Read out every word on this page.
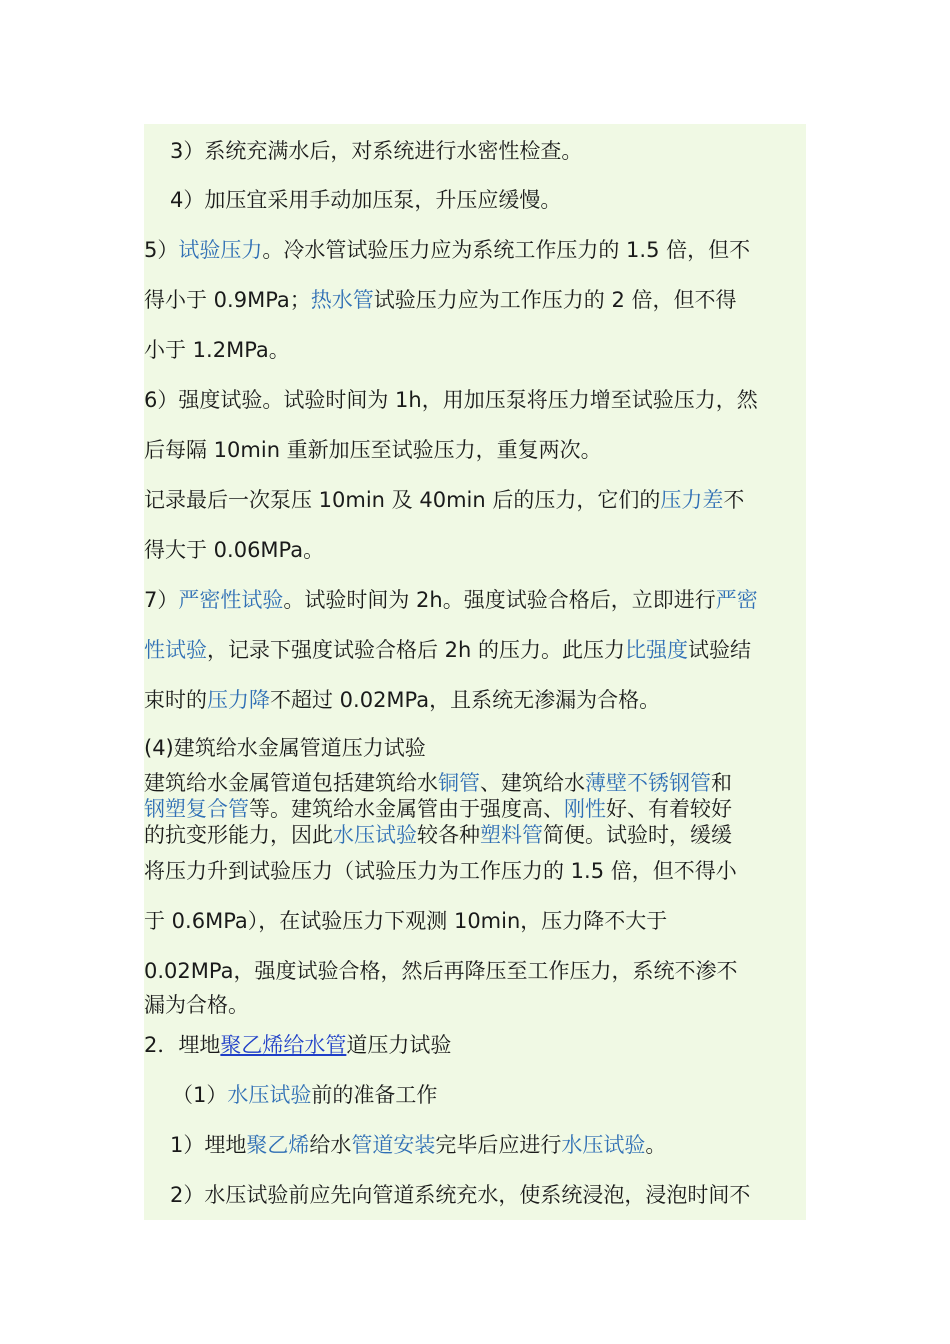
3）系统充满水后，对系统进行水密性检查。
4）加压宜采用手动加压泵，升压应缓慢。
5）试验压力。冷水管试验压力应为系统工作压力的 1.5 倍，但不
得小于 0.9MPa；热水管试验压力应为工作压力的 2 倍，但不得
小于 1.2MPa。
6）强度试验。试验时间为 1h，用加压泵将压力增至试验压力，然
后每隔 10min 重新加压至试验压力，重复两次。
记录最后一次泵压 10min 及 40min 后的压力，它们的压力差不
得大于 0.06MPa。
7）严密性试验。试验时间为 2h。强度试验合格后，立即进行严密
性试验，记录下强度试验合格后 2h 的压力。此压力比强度试验结
束时的压力降不超过 0.02MPa，且系统无渗漏为合格。
(4)建筑给水金属管道压力试验
建筑给水金属管道包括建筑给水铜管、建筑给水薄壁不锈钢管和
钢塑复合管等。建筑给水金属管由于强度高、刚性好、有着较好
的抗变形能力，因此水压试验较各种塑料管简便。试验时，缓缓
将压力升到试验压力（试验压力为工作压力的 1.5 倍，但不得小
于 0.6MPa），在试验压力下观测 10min，压力降不大于
0.02MPa，强度试验合格，然后再降压至工作压力，系统不渗不
漏为合格。
2．埋地聚乙烯给水管道压力试验
（1）水压试验前的准备工作
1）埋地聚乙烯给水管道安装完毕后应进行水压试验。
2）水压试验前应先向管道系统充水，使系统浸泡，浸泡时间不
